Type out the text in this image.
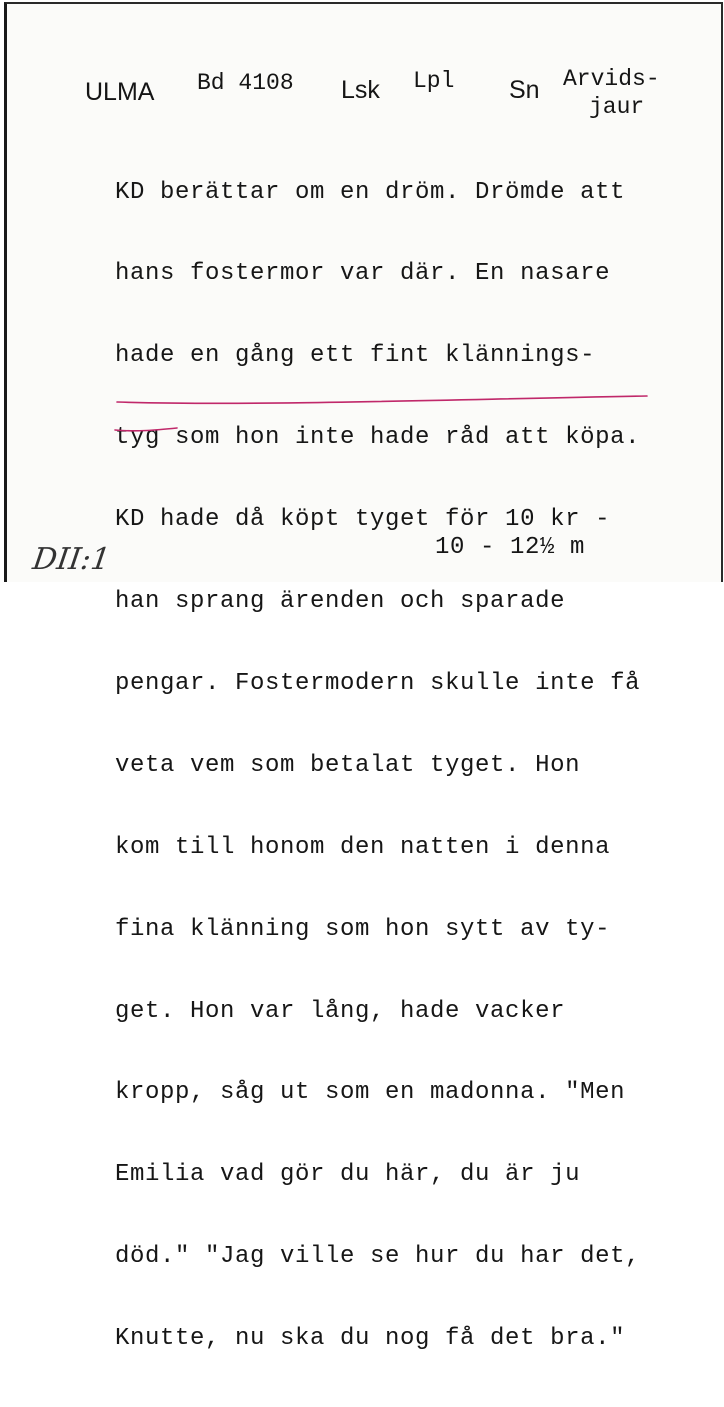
ULMA Bd 4108 Lsk Lpl Sn Arvids-
jaur

KD berättar om en dröm. Drömde att

hans fostermor var där. En nasare

hade en gång ett fint klännings-

tyg som hon inte hade råd att köpa.

KD hade då köpt tyget för 10 kr -

han sprang ärenden och sparade

pengar. Fostermodern skulle inte få

veta vem som betalat tyget. Hon

kom till honom den natten i denna

fina klänning som hon sytt av ty-

get. Hon var lång, hade vacker

kropp, såg ut som en madonna. "Men

Emilia vad gör du här, du är ju

död." "Jag ville se hur du har det,

Knutte, nu ska du nog få det bra."

10 - 12½ m
DII:1
